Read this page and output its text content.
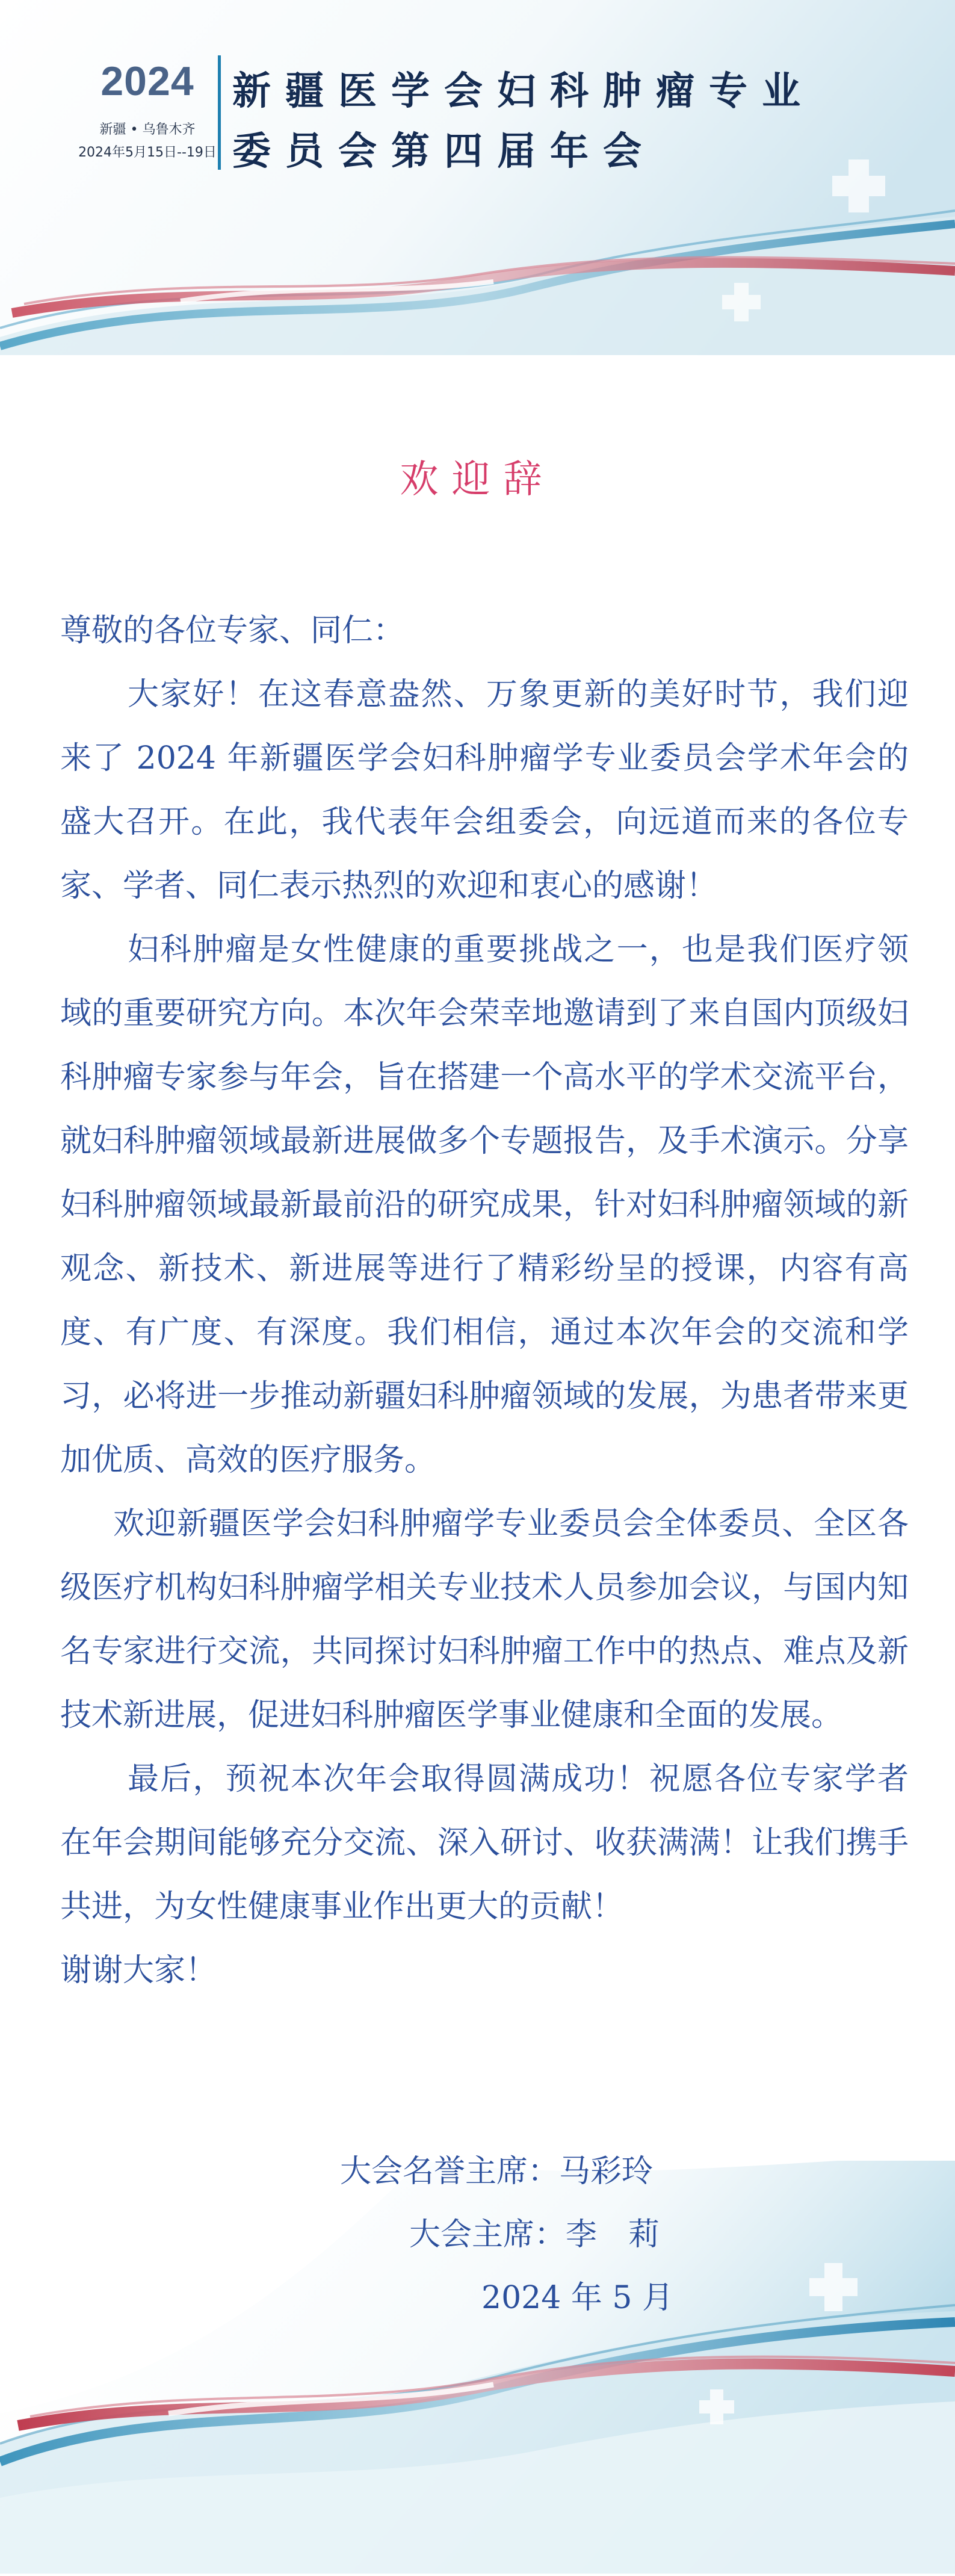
2024
新疆 • 乌鲁木齐
2024年5月15日--19日
新疆医学会妇科肿瘤专业
委员会第四届年会
欢迎辞

尊敬的各位专家、同仁：

大家好！在这春意盎然、万象更新的美好时节，我们迎来了 2024 年新疆医学会妇科肿瘤学专业委员会学术年会的盛大召开。在此，我代表年会组委会，向远道而来的各位专家、学者、同仁表示热烈的欢迎和衷心的感谢！

妇科肿瘤是女性健康的重要挑战之一，也是我们医疗领域的重要研究方向。本次年会荣幸地邀请到了来自国内顶级妇科肿瘤专家参与年会，旨在搭建一个高水平的学术交流平台，就妇科肿瘤领域最新进展做多个专题报告，及手术演示。分享妇科肿瘤领域最新最前沿的研究成果，针对妇科肿瘤领域的新观念、新技术、新进展等进行了精彩纷呈的授课，内容有高度、有广度、有深度。我们相信，通过本次年会的交流和学习，必将进一步推动新疆妇科肿瘤领域的发展，为患者带来更加优质、高效的医疗服务。

欢迎新疆医学会妇科肿瘤学专业委员会全体委员、全区各级医疗机构妇科肿瘤学相关专业技术人员参加会议，与国内知名专家进行交流，共同探讨妇科肿瘤工作中的热点、难点及新技术新进展，促进妇科肿瘤医学事业健康和全面的发展。

最后，预祝本次年会取得圆满成功！祝愿各位专家学者在年会期间能够充分交流、深入研讨、收获满满！让我们携手共进，为女性健康事业作出更大的贡献！

谢谢大家！

大会名誉主席：马彩玲
大会主席：李　莉
2024 年 5 月
